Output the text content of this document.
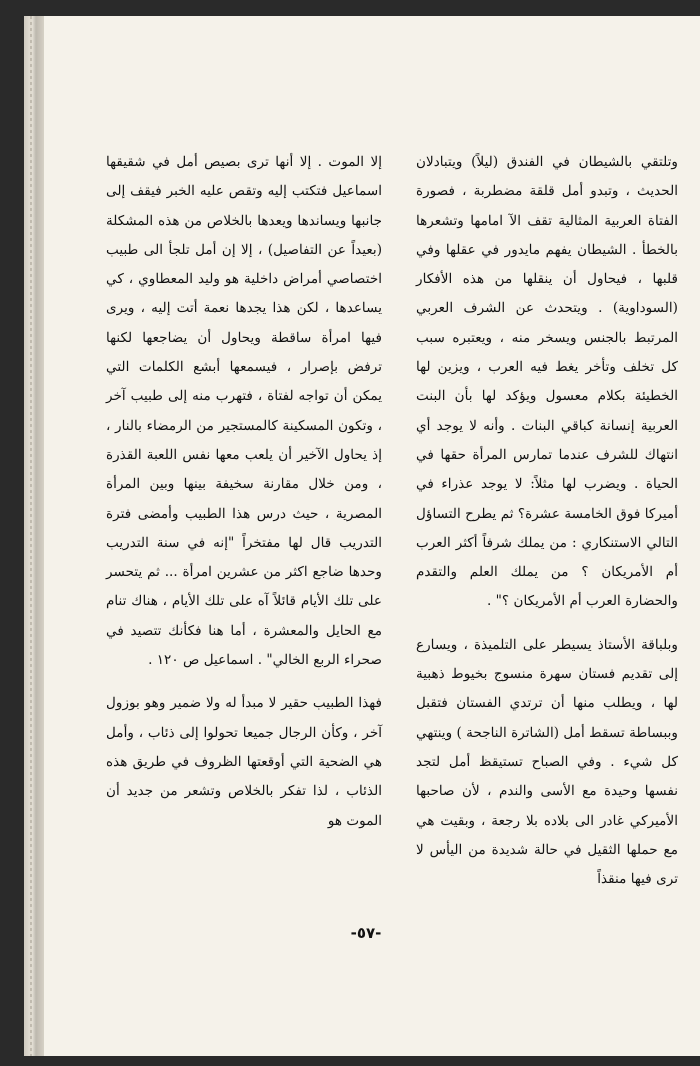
وتلتقي بالشيطان في الفندق (ليلاً) ويتبادلان الحديث ، وتبدو أمل قلقة مضطربة ، فصورة الفتاة العربية المثالية تقف الآ امامها وتشعرها بالخطأ . الشيطان يفهم مايدور في عقلها وفي قلبها ، فيحاول أن ينقلها من هذه الأفكار (السوداوية) . ويتحدث عن الشرف العربي المرتبط بالجنس ويسخر منه ، ويعتبره سبب كل تخلف وتأخر يغط فيه العرب ، ويزين لها الخطيئة بكلام معسول ويؤكد لها بأن البنت العربية إنسانة كباقي البنات . وأنه لا يوجد أي انتهاك للشرف عندما تمارس المرأة حقها في الحياة . ويضرب لها مثلاً: لا يوجد عذراء في أميركا فوق الخامسة عشرة؟ ثم يطرح التساؤل التالي الاستنكاري : من يملك شرفاً أكثر العرب أم الأمريكان ؟ من يملك العلم والتقدم والحضارة العرب أم الأمريكان ؟" .

وبلباقة الأستاذ يسيطر على التلميذة ، ويسارع إلى تقديم فستان سهرة منسوج بخيوط ذهبية لها ، ويطلب منها أن ترتدي الفستان فتقبل وببساطة تسقط أمل (الشاترة الناجحة ) وينتهي كل شيء . وفي الصباح تستيقظ أمل لتجد نفسها وحيدة مع الأسى والندم ، لأن صاحبها الأميركي غادر الى بلاده بلا رجعة ، وبقيت هي مع حملها الثقيل في حالة شديدة من اليأس لا ترى فيها منقذاً

إلا الموت . إلا أنها ترى بصيص أمل في شقيقها اسماعيل فتكتب إليه وتقص عليه الخبر فيقف إلى جانبها ويساندها ويعدها بالخلاص من هذه المشكلة (بعيداً عن التفاصيل) ، إلا إن أمل تلجأ الى طبيب اختصاصي أمراض داخلية هو وليد المعطاوي ، كي يساعدها ، لكن هذا يجدها نعمة أتت إليه ، ويرى فيها امرأة ساقطة ويحاول أن يضاجعها لكنها ترفض بإصرار ، فيسمعها أبشع الكلمات التي يمكن أن تواجه لفتاة ، فتهرب منه إلى طبيب آخر ، وتكون المسكينة كالمستجير من الرمضاء بالنار ، إذ يحاول الآخير أن يلعب معها نفس اللعبة القذرة ، ومن خلال مقارنة سخيفة بينها وبين المرأة المصرية ، حيث درس هذا الطبيب وأمضى فترة التدريب قال لها مفتخراً "إنه في سنة التدريب وحدها ضاجع اكثر من عشرين امرأة ... ثم يتحسر على تلك الأيام قائلاً آه على تلك الأيام ، هناك تنام مع الحايل والمعشرة ، أما هنا فكأنك تتصيد في صحراء الربع الخالي" . اسماعيل ص ١٢٠ .

فهذا الطبيب حقير لا مبدأ له ولا ضمير وهو بوزول آخر ، وكأن الرجال جميعا تحولوا إلى ذئاب ، وأمل هي الضحية التي أوقعتها الظروف في طريق هذه الذئاب ، لذا تفكر بالخلاص وتشعر من جديد أن الموت هو

-٥٧-
